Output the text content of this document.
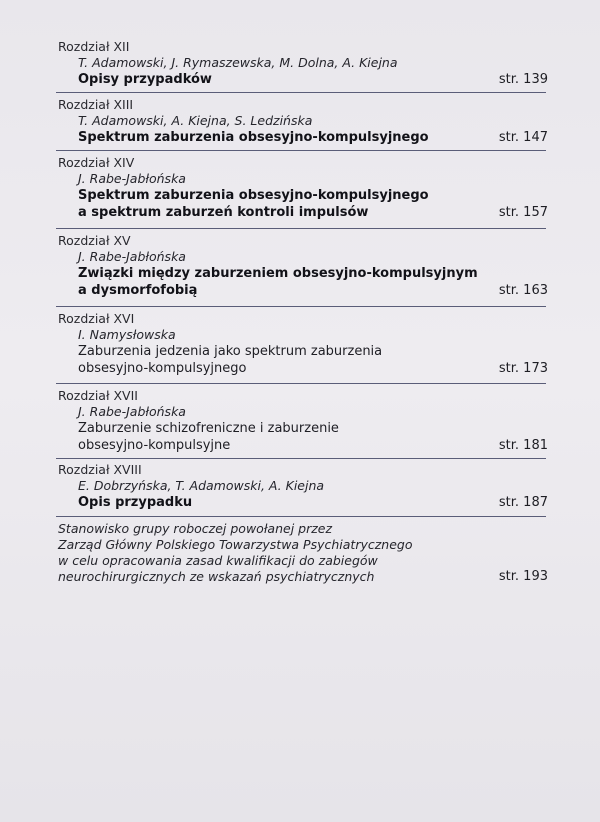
Rozdział XII
T. Adamowski, J. Rymaszewska, M. Dolna, A. Kiejna
Opisy przypadków	str. 139
Rozdział XIII
T. Adamowski, A. Kiejna, S. Ledzińska
Spektrum zaburzenia obsesyjno-kompulsyjnego	str. 147
Rozdział XIV
J. Rabe-Jabłońska
Spektrum zaburzenia obsesyjno-kompulsyjnego
a spektrum zaburzeń kontroli impulsów	str. 157
Rozdział XV
J. Rabe-Jabłońska
Związki między zaburzeniem obsesyjno-kompulsyjnym
a dysmorfofobią	str. 163
Rozdział XVI
I. Namysłowska
Zaburzenia jedzenia jako spektrum zaburzenia
obsesyjno-kompulsyjnego	str. 173
Rozdział XVII
J. Rabe-Jabłońska
Zaburzenie schizofreniczne i zaburzenie
obsesyjno-kompulsyjne	str. 181
Rozdział XVIII
E. Dobrzyńska, T. Adamowski, A. Kiejna
Opis przypadku	str. 187
Stanowisko grupy roboczej powołanej przez
Zarząd Główny Polskiego Towarzystwa Psychiatrycznego
w celu opracowania zasad kwalifikacji do zabiegów
neurochirurgicznych ze wskazań psychiatrycznych	str. 193
